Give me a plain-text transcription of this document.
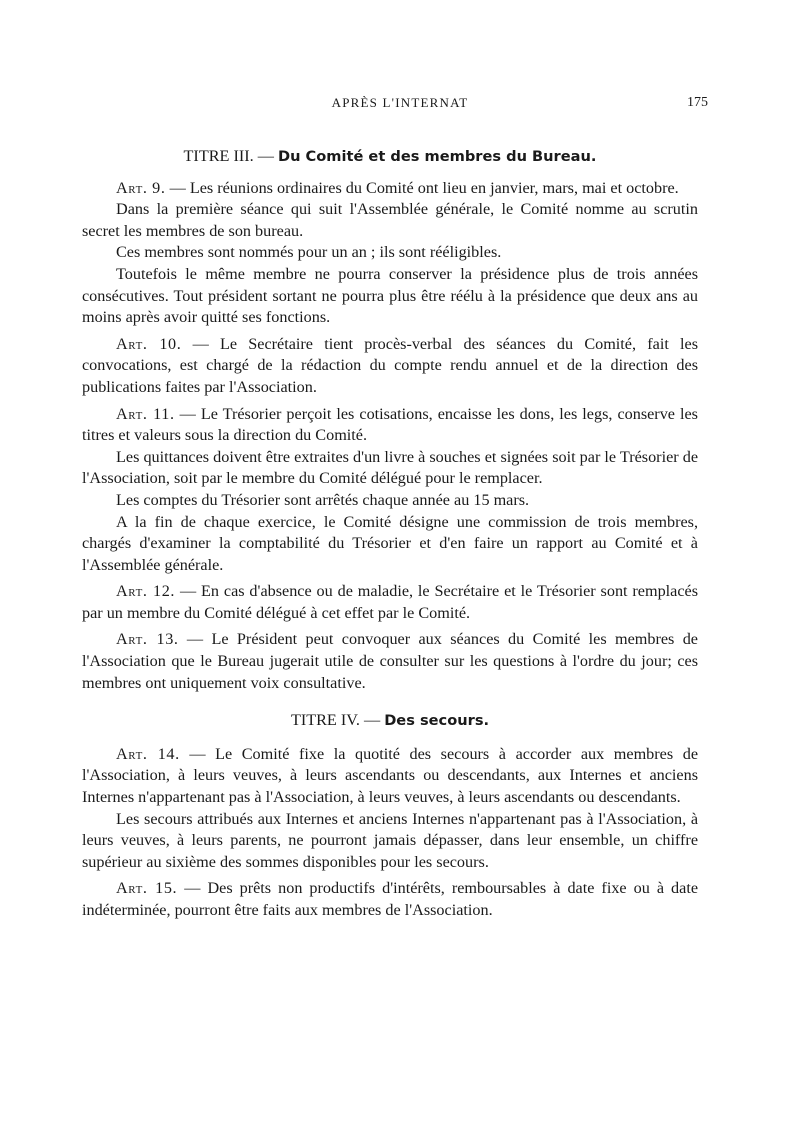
APRÈS L'INTERNAT	175
TITRE III. — Du Comité et des membres du Bureau.

Art. 9. — Les réunions ordinaires du Comité ont lieu en janvier, mars, mai et octobre.

Dans la première séance qui suit l'Assemblée générale, le Comité nomme au scrutin secret les membres de son bureau.

Ces membres sont nommés pour un an ; ils sont rééligibles.

Toutefois le même membre ne pourra conserver la présidence plus de trois années consécutives. Tout président sortant ne pourra plus être réélu à la présidence que deux ans au moins après avoir quitté ses fonctions.

Art. 10. — Le Secrétaire tient procès-verbal des séances du Comité, fait les convocations, est chargé de la rédaction du compte rendu annuel et de la direction des publications faites par l'Association.

Art. 11. — Le Trésorier perçoit les cotisations, encaisse les dons, les legs, conserve les titres et valeurs sous la direction du Comité.

Les quittances doivent être extraites d'un livre à souches et signées soit par le Trésorier de l'Association, soit par le membre du Comité délégué pour le remplacer.

Les comptes du Trésorier sont arrêtés chaque année au 15 mars.

A la fin de chaque exercice, le Comité désigne une commission de trois membres, chargés d'examiner la comptabilité du Trésorier et d'en faire un rapport au Comité et à l'Assemblée générale.

Art. 12. — En cas d'absence ou de maladie, le Secrétaire et le Trésorier sont remplacés par un membre du Comité délégué à cet effet par le Comité.

Art. 13. — Le Président peut convoquer aux séances du Comité les membres de l'Association que le Bureau jugerait utile de consulter sur les questions à l'ordre du jour; ces membres ont uniquement voix consultative.

TITRE IV. — Des secours.

Art. 14. — Le Comité fixe la quotité des secours à accorder aux membres de l'Association, à leurs veuves, à leurs ascendants ou descendants, aux Internes et anciens Internes n'appartenant pas à l'Association, à leurs veuves, à leurs ascendants ou descendants.

Les secours attribués aux Internes et anciens Internes n'appartenant pas à l'Association, à leurs veuves, à leurs parents, ne pourront jamais dépasser, dans leur ensemble, un chiffre supérieur au sixième des sommes disponibles pour les secours.

Art. 15. — Des prêts non productifs d'intérêts, remboursables à date fixe ou à date indéterminée, pourront être faits aux membres de l'Association.
